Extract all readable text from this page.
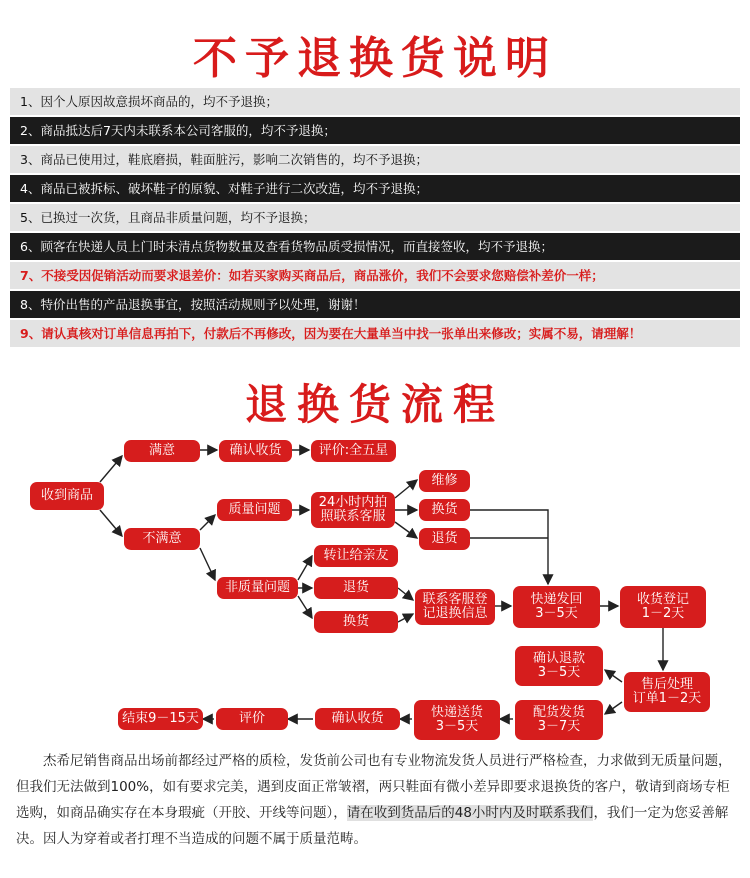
不予退换货说明
1、因个人原因故意损坏商品的，均不予退换；
2、商品抵达后7天内未联系本公司客服的，均不予退换；
3、商品已使用过，鞋底磨损，鞋面脏污，影响二次销售的，均不予退换；
4、商品已被拆标、破坏鞋子的原貌、对鞋子进行二次改造，均不予退换；
5、已换过一次货，且商品非质量问题，均不予退换；
6、顾客在快递人员上门时未清点货物数量及查看货物品质受损情况，而直接签收，均不予退换；
7、不接受因促销活动而要求退差价：如若买家购买商品后，商品涨价，我们不会要求您赔偿补差价一样；
8、特价出售的产品退换事宜，按照活动规则予以处理，谢谢！
9、请认真核对订单信息再拍下，付款后不再修改，因为要在大量单当中找一张单出来修改；实属不易，请理解！
退换货流程
收到商品
满意	确认收货	评价:全五星
不满意
质量问题	24小时内拍
照联系客服
维修
换货
退货
非质量问题
转让给亲友
退货
换货
联系客服登
记退换信息
快递发回
3－5天
收货登记
1－2天
确认退款
3－5天
售后处理
订单1－2天
配货发货
3－7天
快递送货
3－5天
确认收货
评价
结束9－15天
　　杰希尼销售商品出场前都经过严格的质检，发货前公司也有专业物流发货人员进行严格检查，力求做到无质量问题，但我们无法做到100%，如有要求完美，遇到皮面正常皱褶，两只鞋面有微小差异即要求退换货的客户，敬请到商场专柜选购，如商品确实存在本身瑕疵（开胶、开线等问题），请在收到货品后的48小时内及时联系我们，我们一定为您妥善解决。因人为穿着或者打理不当造成的问题不属于质量范畴。
